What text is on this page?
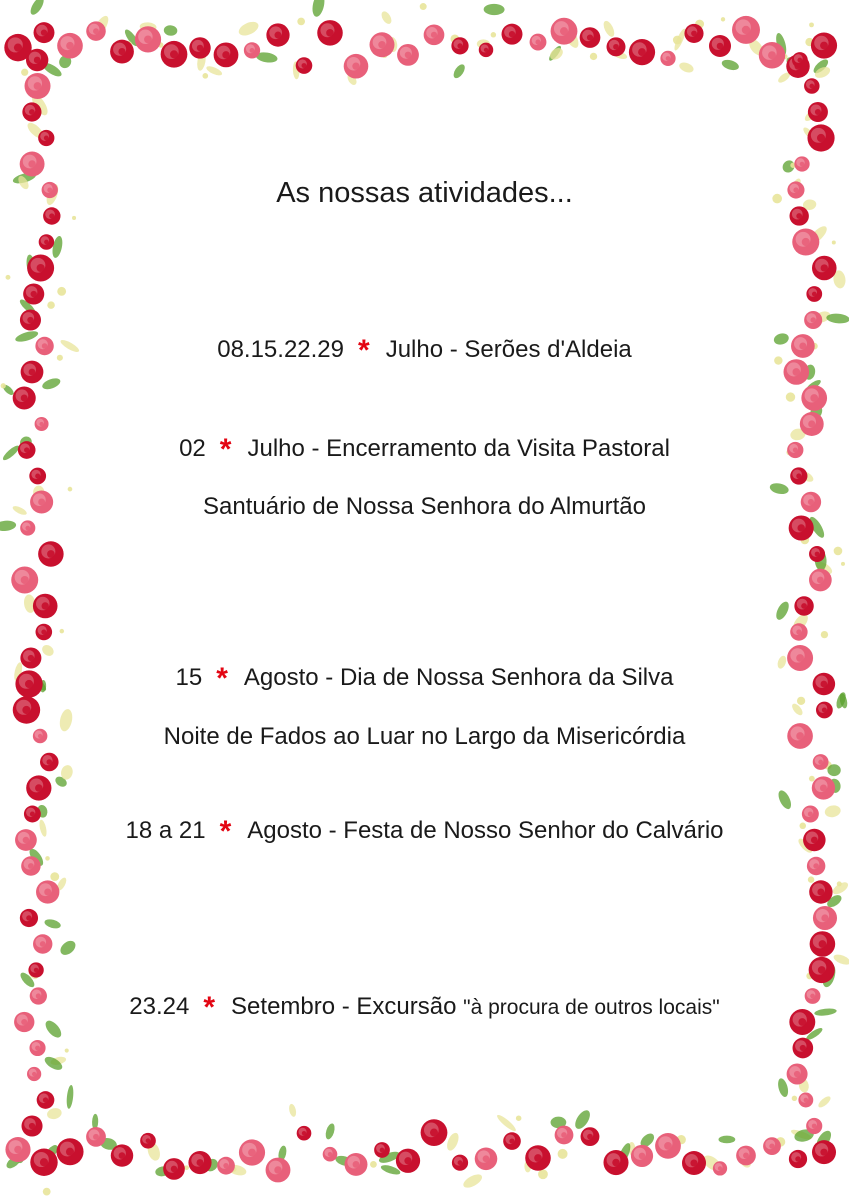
As nossas atividades...
08.15.22.29 * Julho - Serões d'Aldeia
02 * Julho - Encerramento da Visita Pastoral
Santuário de Nossa Senhora do Almurtão
15 * Agosto - Dia de Nossa Senhora da Silva
Noite de Fados ao Luar no Largo da Misericórdia
18 a 21 * Agosto - Festa de Nosso Senhor do Calvário
23.24 * Setembro - Excursão "à procura de outros locais"
